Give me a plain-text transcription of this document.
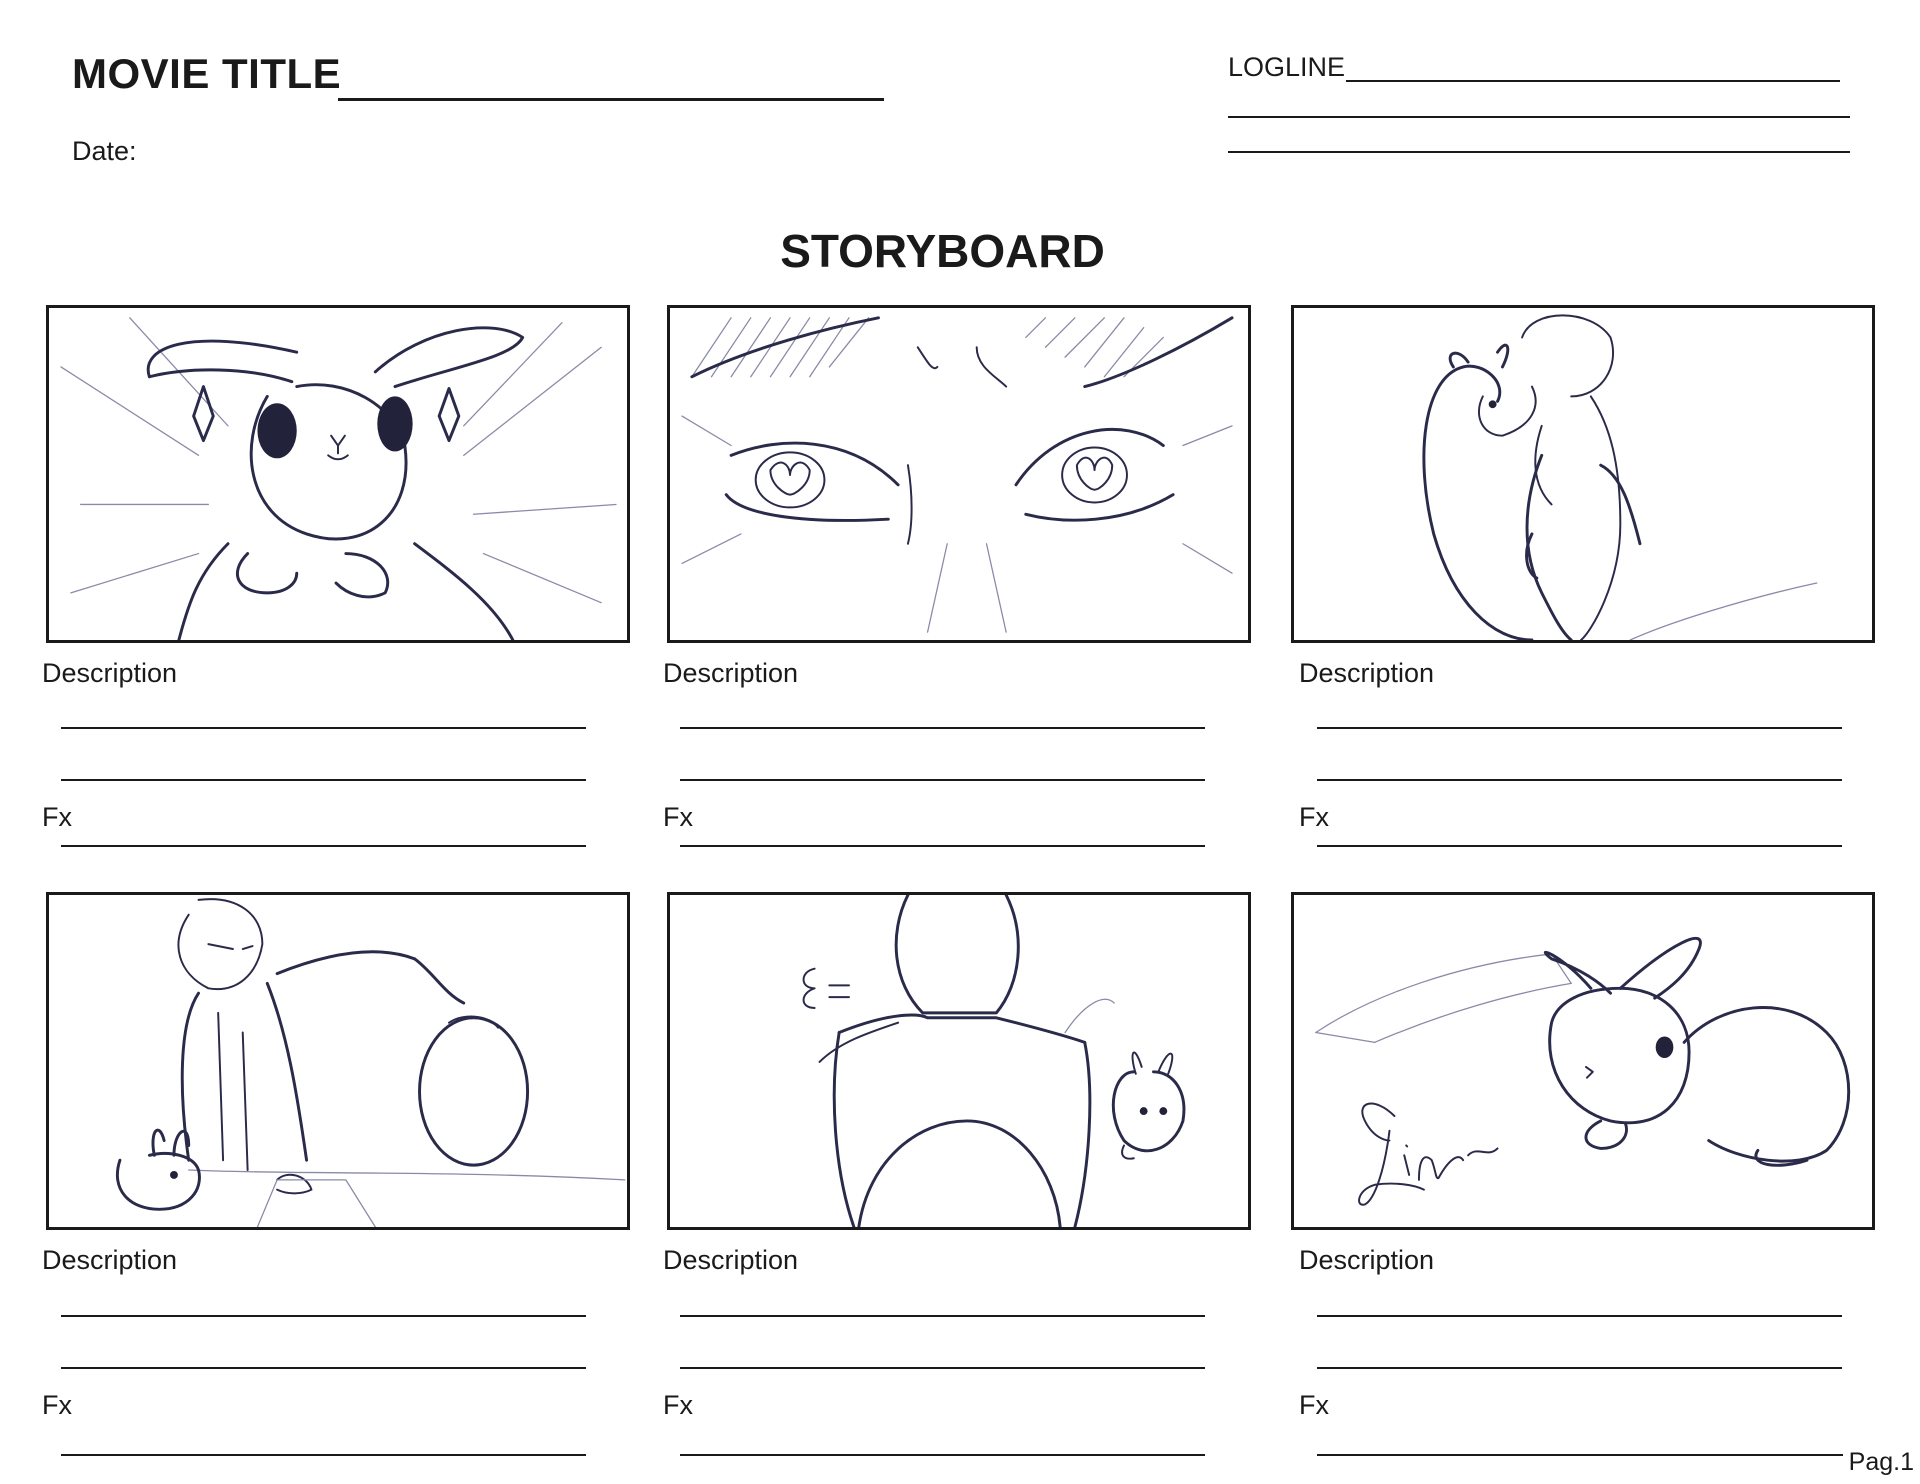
MOVIE TITLE
Date:
LOGLINE
STORYBOARD
Description
Fx
Description
Fx
Description
Fx
Description
Fx
Description
Fx
Description
Fx
Pag.1
